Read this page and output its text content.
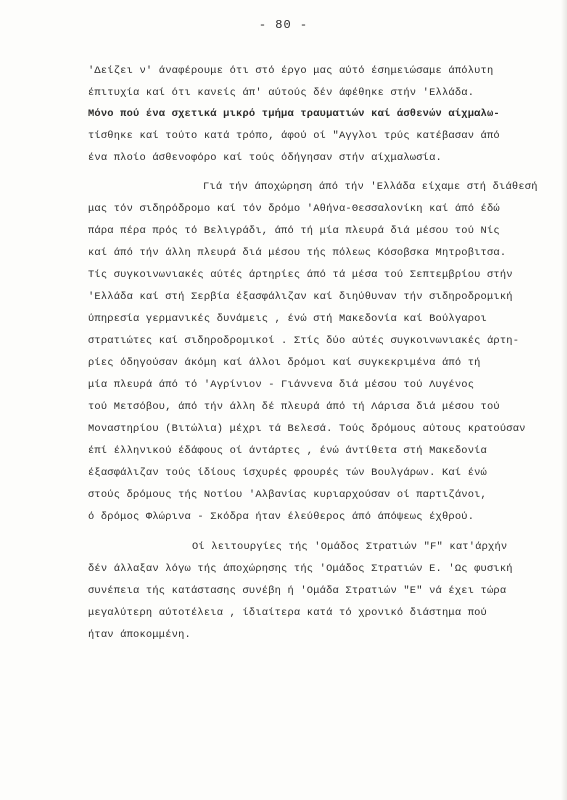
- 80 -
'Δείζει ν' άναφέρουμε ότι στό έργο μας αύτό έσημειώσαμε άπόλυτη
έπιτυχία καί ότι κανείς άπ' αύτούς δέν άφέθηκε στήν 'Ελλάδα.
Μόνο πού ένα σχετικά μικρό τμήμα τραυματιών καί άσθενών αίχμαλω-
τίσθηκε καί τούτο κατά τρόπο, άφού οί "Αγγλοι τρύς κατέβασαν άπό
ένα πλοίο άσθενοφόρο καί τούς όδήγησαν στήν αίχμαλωσία.
Γιά τήν άποχώρηση άπό τήν 'Ελλάδα είχαμε στή διάθεσή
μας τόν σιδηρόδρομο καί τόν δρόμο 'Αθήνα-Θεσσαλονίκη καί άπό έδώ
πάρα πέρα πρός τό Βελιγράδι, άπό τή μία πλευρά διά μέσου τού Νίς
καί άπό τήν άλλη πλευρά διά μέσου τής πόλεως Κόσοβσκα Μητροβιτσα.
Τίς συγκοινωνιακές αύτές άρτηρίες άπό τά μέσα τού Σεπτεμβρίου στήν
'Ελλάδα καί στή Σερβία έξασφάλιζαν καί διηύθυναν τήν σιδηροδρομική
ύπηρεσία γερμανικές δυνάμεις , ένώ στή Μακεδονία καί Βούλγαροι
στρατιώτες καί σιδηροδρομικοί . Στίς δύο αύτές συγκοινωνιακές άρτη-
ρίες όδηγούσαν άκόμη καί άλλοι δρόμοι καί συγκεκριμένα άπό τή
μία πλευρά άπό τό 'Αγρίνιον - Γιάννενα διά μέσου τού Λυγένος
τού Μετσόβου, άπό τήν άλλη δέ πλευρά άπό τή Λάρισα διά μέσου τού
Μοναστηρίου (Βιτώλια) μέχρι τά Βελεσά. Τούς δρόμους αύτους κρατούσαν
έπί έλληνικού έδάφους οί άντάρτες , ένώ άντίθετα στή Μακεδονία
έξασφάλιζαν τούς ίδίους ίσχυρές φρουρές τών Βουλγάρων. Καί ένώ
στούς δρόμους τής Νοτίου 'Αλβανίας κυριαρχούσαν οί παρτιζάνοι,
ό δρόμος Φλώρινα - Σκόδρα ήταν έλεύθερος άπό άπόψεως έχθρού.
Οί λειτουργίες τής 'Ομάδος Στρατιών "F" κατ'άρχήν
δέν άλλαξαν λόγω τής άποχώρησης τής 'Ομάδος Στρατιών Ε. 'Ως φυσική
συνέπεια τής κατάστασης συνέβη ή 'Ομάδα Στρατιών "Ε" νά έχει τώρα
μεγαλύτερη αύτοτέλεια , ίδιαίτερα κατά τό χρονικό διάστημα πού
ήταν άποκομμένη.
